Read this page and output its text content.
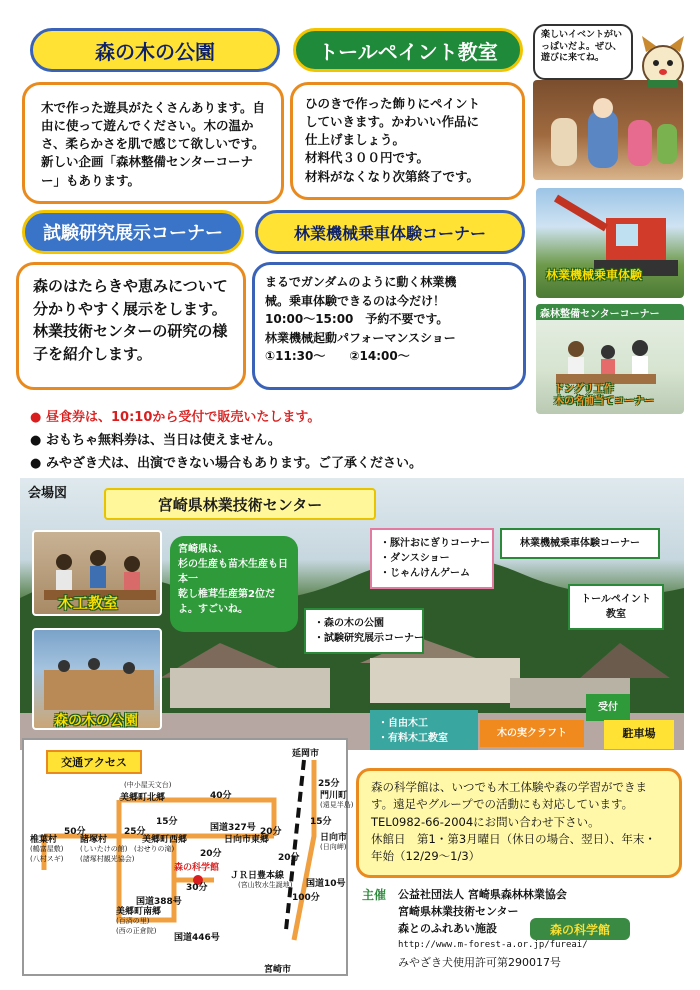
森の木の公園
木で作った遊具がたくさんあります。自由に使って遊んでください。木の温かさ、柔らかさを肌で感じて欲しいです。新しい企画「森林整備センターコーナー」もあります。
トールペイント教室
ひのきで作った飾りにペイント
していきます。かわいい作品に
仕上げましょう。
材料代３００円です。
材料がなくなり次第終了です。
楽しいイベントがいっぱいだよ。ぜひ、遊びに来てね。
試験研究展示コーナー
森のはたらきや恵みについて分かりやすく展示をします。林業技術センターの研究の様子を紹介します。
林業機械乗車体験コーナー
まるでガンダムのように動く林業機
械。乗車体験できるのは今だけ！
10:00〜15:00　予約不要です。
林業機械起動パフォーマンスショー
①11:30〜　　②14:00〜
林業機械乗車体験
森林整備センターコーナー
ドングリ工作
木の名前当てコーナー
● 昼食券は、10:10から受付で販売いたします。
● おもちゃ無料券は、当日は使えません。
● みやざき犬は、出演できない場合もあります。ご了承ください。
会場図
宮崎県林業技術センター
木工教室
森の木の公園
宮崎県は、
杉の生産も苗木生産も日本一
乾し椎茸生産第2位だよ。すごいね。
・豚汁おにぎりコーナー
・ダンスショー
・じゃんけんゲーム
林業機械乗車体験コーナー
・森の木の公園
・試験研究展示コーナー
トールペイント教室
・自由木工
・有料木工教室	木の実クラフト
受付
駐車場
交通アクセス
延岡市
門川町
日向市
日向市東郷
美郷町北郷
美郷町西郷
美郷町南郷
椎葉村	諸塚村
森の科学館
ＪＲ日豊本線
宮崎市
国道327号
国道388号
国道446号
国道10号
40分
50分	25分
15分
20分
20分
30分
100分
25分
15分
20分
(中小屋天文台)
(鶴富屋敷)
(八村スギ)
(しいたけの館)
(諸塚村観光協会)
(おせりの滝)
(百済の里)
(西の正倉院)
(日向岬)
(遠見半島)
(宮山牧水生誕地)
森の科学館は、いつでも木工体験や森の学習ができます。遠足やグループでの活動にも対応しています。TEL0982-66-2004にお問い合わせ下さい。
休館日　第1・第3月曜日（休日の場合、翌日）、年末・年始（12/29〜1/3）
主催 公益社団法人 宮崎県森林林業協会
宮崎県林業技術センター
森とのふれあい施設	森の科学館
http://www.m-forest-a.or.jp/fureai/
みやざき犬使用許可第290017号
